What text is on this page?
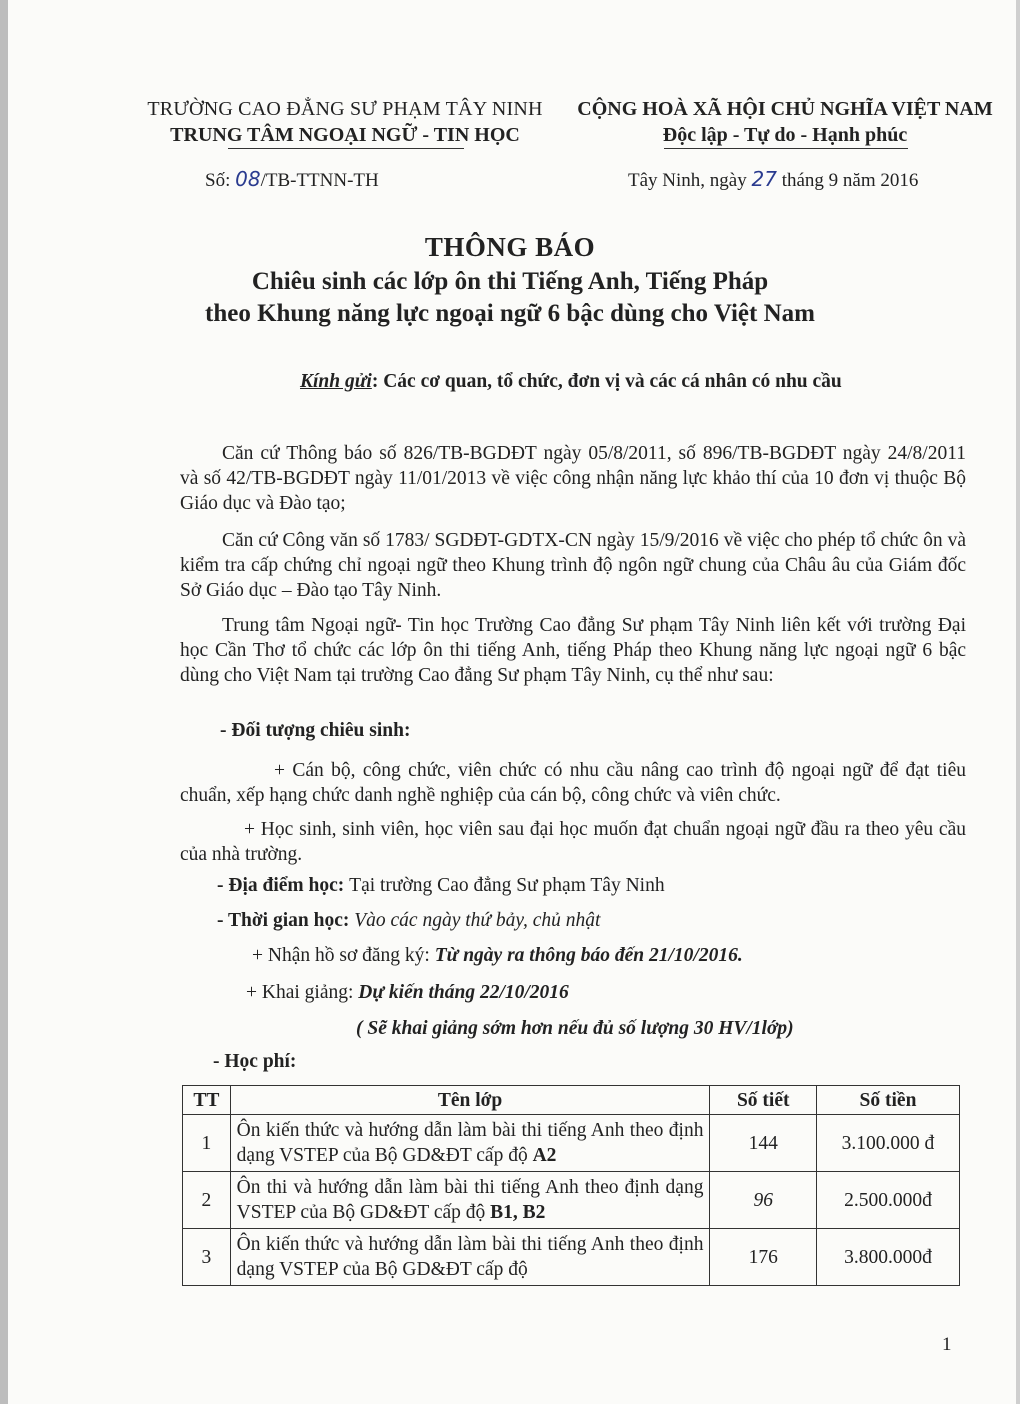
TRƯỜNG CAO ĐẲNG SƯ PHẠM TÂY NINH
TRUNG TÂM NGOẠI NGỮ - TIN HỌC
CỘNG HOÀ XÃ HỘI CHỦ NGHĨA VIỆT NAM
Độc lập - Tự do - Hạnh phúc
Số: 08/TB-TTNN-TH	Tây Ninh, ngày 27 tháng 9 năm 2016
THÔNG BÁO
Chiêu sinh các lớp ôn thi Tiếng Anh, Tiếng Pháp
theo Khung năng lực ngoại ngữ 6 bậc dùng cho Việt Nam
Kính gửi: Các cơ quan, tổ chức, đơn vị và các cá nhân có nhu cầu
Căn cứ Thông báo số 826/TB-BGDĐT ngày 05/8/2011, số 896/TB-BGDĐT ngày 24/8/2011 và số 42/TB-BGDĐT ngày 11/01/2013 về việc công nhận năng lực khảo thí của 10 đơn vị thuộc Bộ Giáo dục và Đào tạo;
Căn cứ Công văn số 1783/ SGDĐT-GDTX-CN ngày 15/9/2016 về việc cho phép tổ chức ôn và kiểm tra cấp chứng chỉ ngoại ngữ theo Khung trình độ ngôn ngữ chung của Châu âu của Giám đốc Sở Giáo dục – Đào tạo Tây Ninh.
Trung tâm Ngoại ngữ- Tin học Trường Cao đẳng Sư phạm Tây Ninh liên kết với trường Đại học Cần Thơ tổ chức các lớp ôn thi tiếng Anh, tiếng Pháp theo Khung năng lực ngoại ngữ 6 bậc dùng cho Việt Nam tại trường Cao đẳng Sư phạm Tây Ninh, cụ thể như sau:
- Đối tượng chiêu sinh:
+ Cán bộ, công chức, viên chức có nhu cầu nâng cao trình độ ngoại ngữ để đạt tiêu chuẩn, xếp hạng chức danh nghề nghiệp của cán bộ, công chức và viên chức.
+ Học sinh, sinh viên, học viên sau đại học muốn đạt chuẩn ngoại ngữ đầu ra theo yêu cầu của nhà trường.
- Địa điểm học: Tại trường Cao đẳng Sư phạm Tây Ninh
- Thời gian học: Vào các ngày thứ bảy, chủ nhật
+ Nhận hồ sơ đăng ký: Từ ngày ra thông báo đến 21/10/2016.
+ Khai giảng: Dự kiến tháng 22/10/2016
( Sẽ khai giảng sớm hơn nếu đủ số lượng 30 HV/1lớp)
- Học phí:
TT	Tên lớp	Số tiết	Số tiền
1	Ôn kiến thức và hướng dẫn làm bài thi tiếng Anh theo định dạng VSTEP của Bộ GD&ĐT cấp độ A2	144	3.100.000 đ
2	Ôn thi và hướng dẫn làm bài thi tiếng Anh theo định dạng VSTEP của Bộ GD&ĐT cấp độ B1, B2	96	2.500.000đ
3	Ôn kiến thức và hướng dẫn làm bài thi tiếng Anh theo định dạng VSTEP của Bộ GD&ĐT cấp độ	176	3.800.000đ
1
